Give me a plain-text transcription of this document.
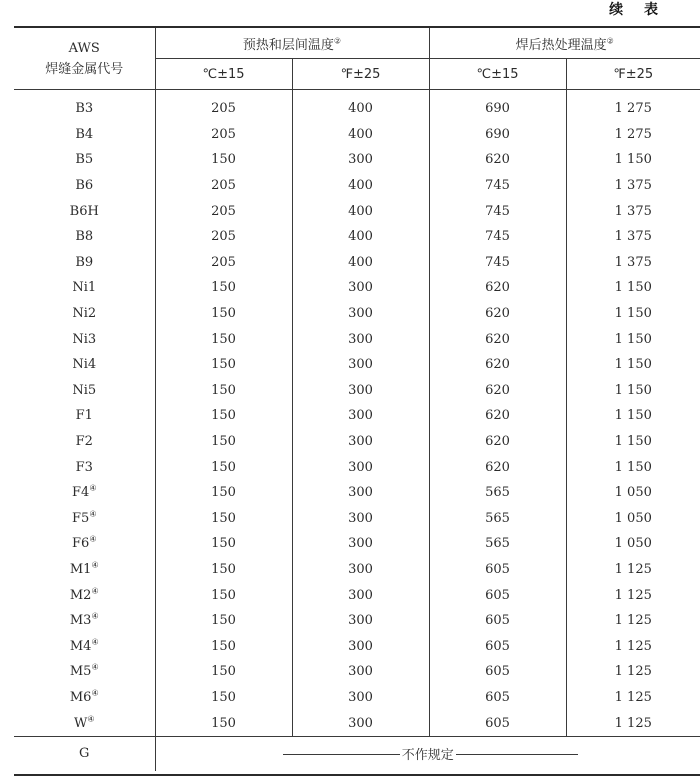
续 表
AWS
焊缝金属代号	预热和层间温度②		焊后热处理温度②
	℃±15	℉±25	℃±15	℉±25

B3	205	400	690	1 275
B4	205	400	690	1 275
B5	150	300	620	1 150
B6	205	400	745	1 375
B6H	205	400	745	1 375
B8	205	400	745	1 375
B9	205	400	745	1 375
Ni1	150	300	620	1 150
Ni2	150	300	620	1 150
Ni3	150	300	620	1 150
Ni4	150	300	620	1 150
Ni5	150	300	620	1 150
F1	150	300	620	1 150
F2	150	300	620	1 150
F3	150	300	620	1 150
F4④	150	300	565	1 050
F5④	150	300	565	1 050
F6④	150	300	565	1 050
M1④	150	300	605	1 125
M2④	150	300	605	1 125
M3④	150	300	605	1 125
M4④	150	300	605	1 125
M5④	150	300	605	1 125
M6④	150	300	605	1 125
W④	150	300	605	1 125
G	不作规定			
